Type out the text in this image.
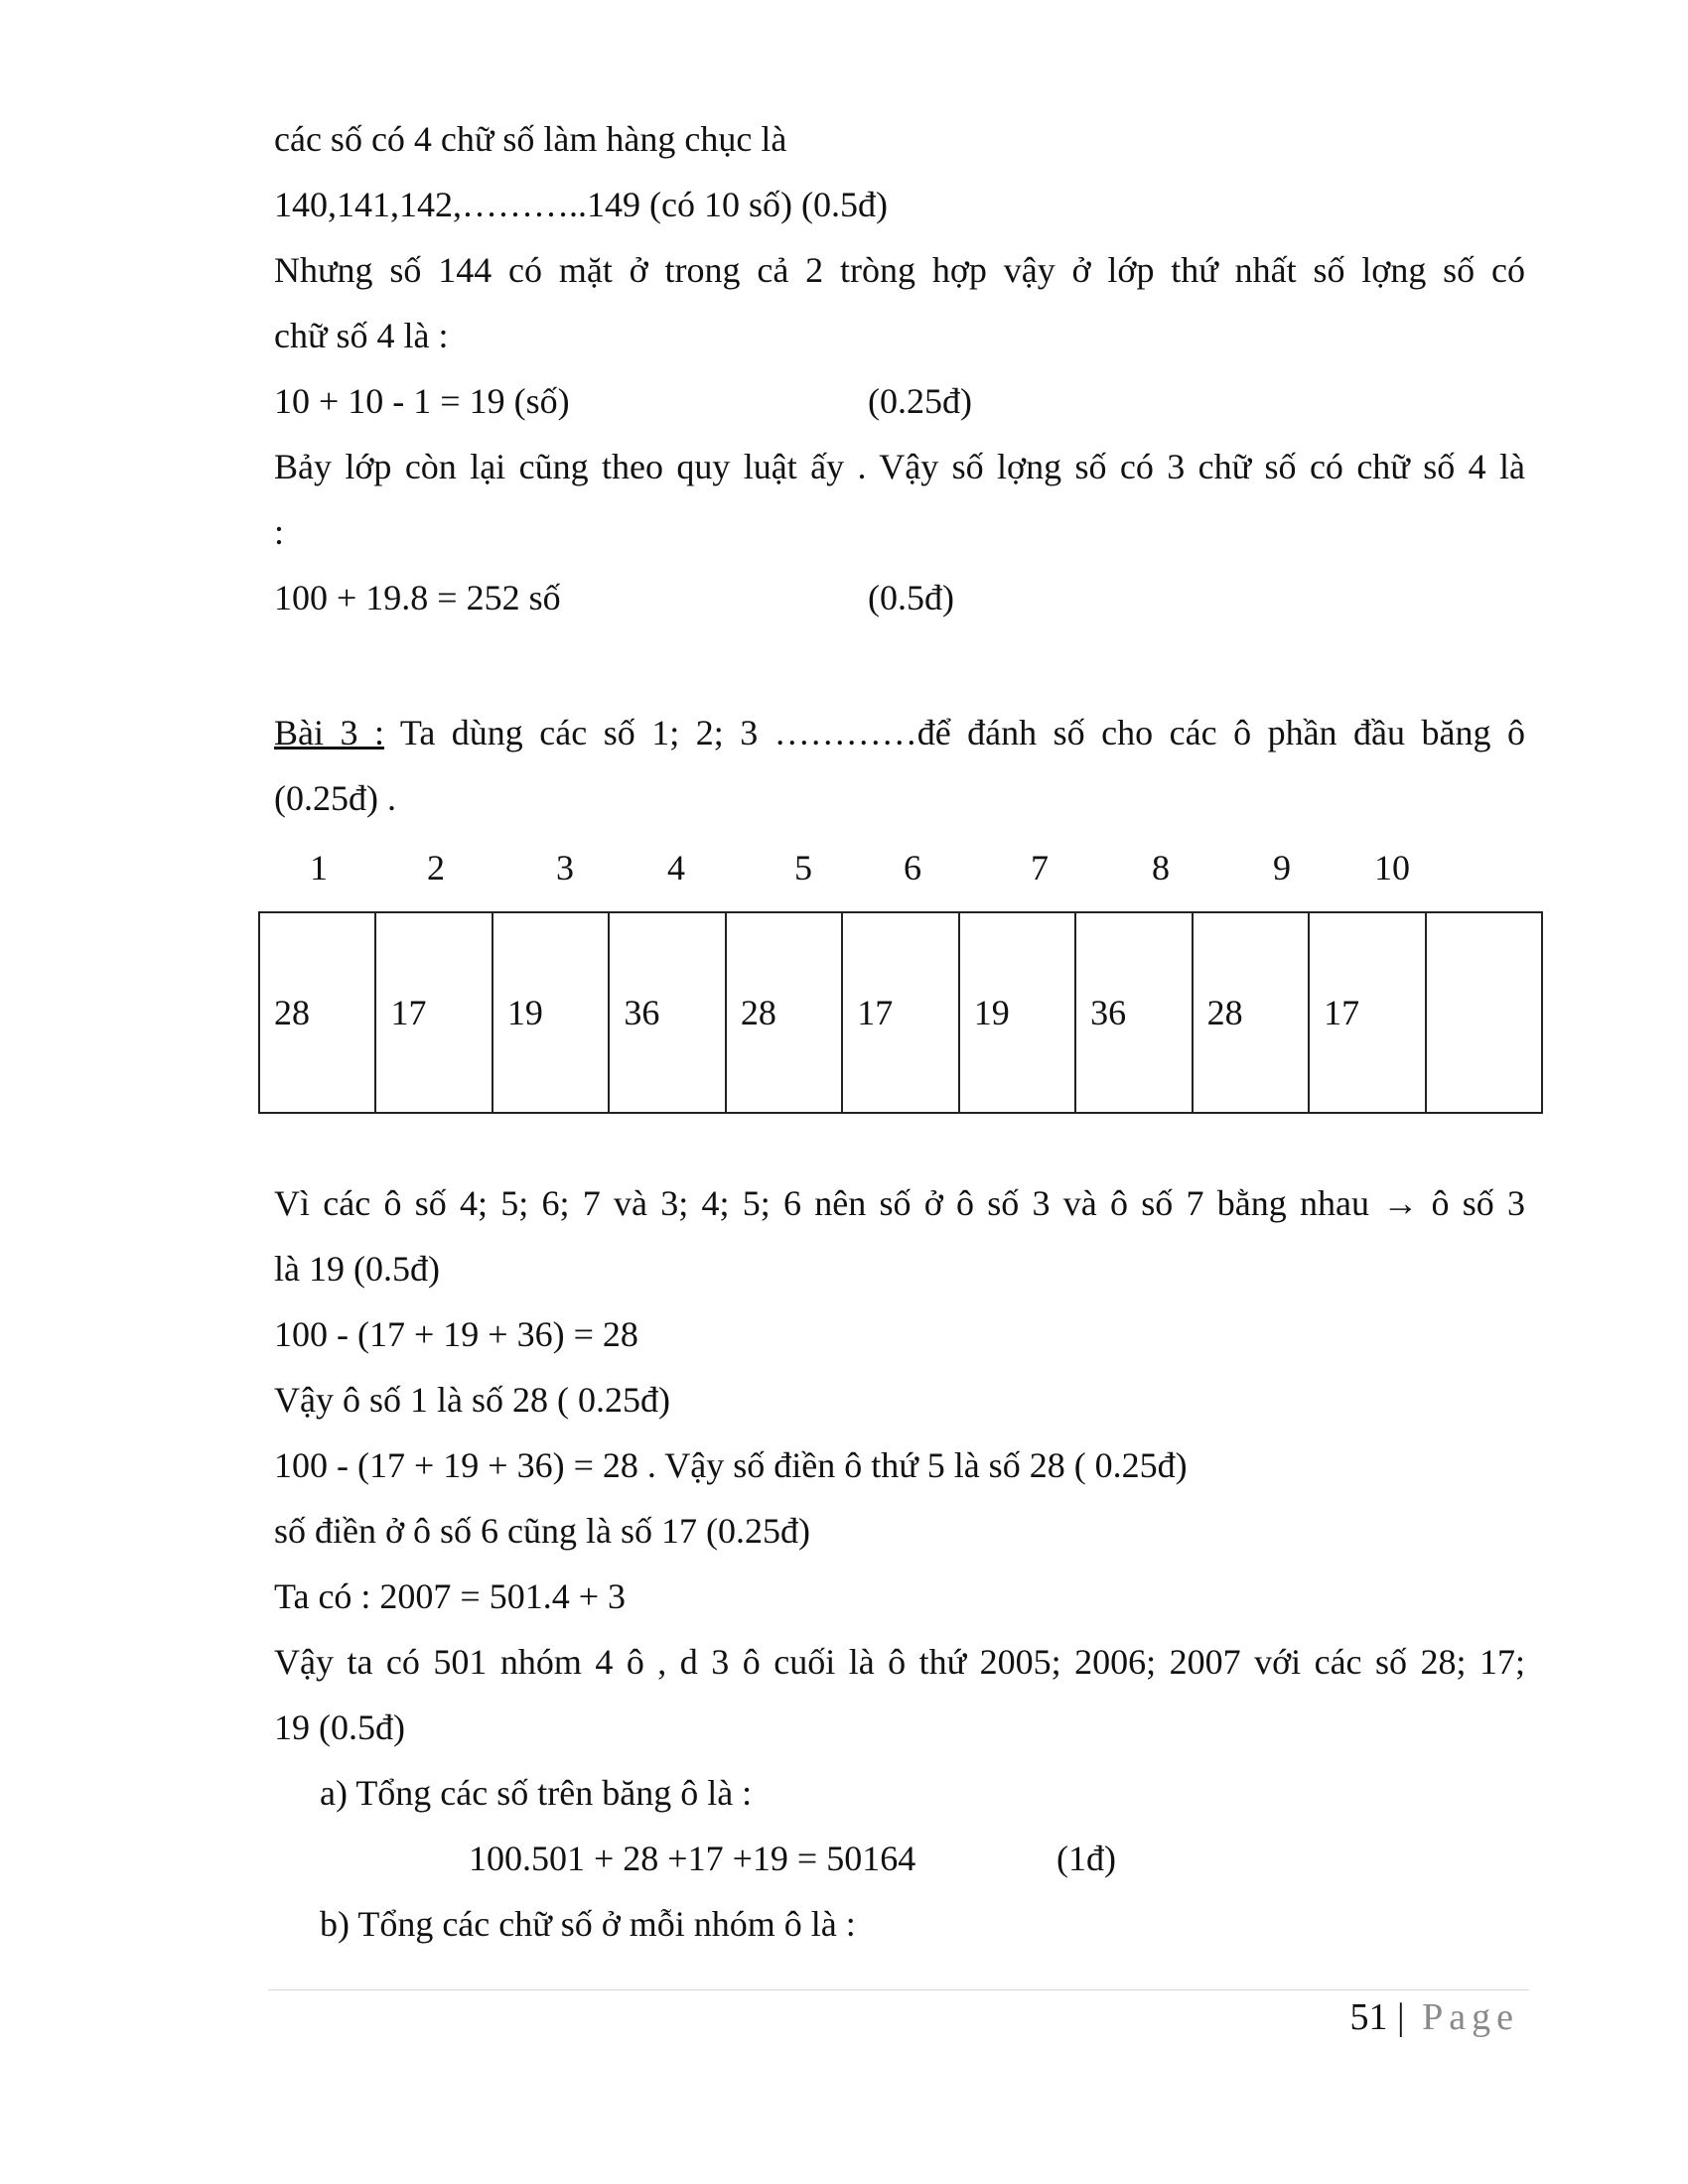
các số có 4 chữ số làm hàng chục là
140,141,142,………..149 (có 10 số) (0.5đ)
Nhưng số 144 có mặt ở trong cả 2 tròng hợp vậy ở lớp thứ nhất số lợng số có
chữ số 4 là :
10 + 10 - 1 = 19 (số)	(0.25đ)
Bảy lớp còn lại cũng theo quy luật ấy . Vậy số lợng số có 3 chữ số có chữ số 4 là
:
100 + 19.8 = 252 số	(0.5đ)
Bài 3 : Ta dùng các số 1; 2; 3 …………để đánh số cho các ô phần đầu băng ô
(0.25đ) .
1	2	3	4	5	6	7	8	9 10
28	17	19	36	28	17	19	36	28	17	
Vì các ô số 4; 5; 6; 7 và 3; 4; 5; 6 nên số ở ô số 3 và ô số 7 bằng nhau → ô số 3
là 19 (0.5đ)
100 - (17 + 19 + 36) = 28
Vậy ô số 1 là số 28 ( 0.25đ)
100 - (17 + 19 + 36) = 28 . Vậy số điền ô thứ 5 là số 28 ( 0.25đ)
số điền ở ô số 6 cũng là số 17 (0.25đ)
Ta có : 2007 = 501.4 + 3
Vậy ta có 501 nhóm 4 ô , d 3 ô cuối là ô thứ 2005; 2006; 2007 với các số 28; 17;
19 (0.5đ)
a) Tổng các số trên băng ô là :
100.501 + 28 +17 +19 = 50164	(1đ)
b) Tổng các chữ số ở mỗi nhóm ô là :
51 | Page
